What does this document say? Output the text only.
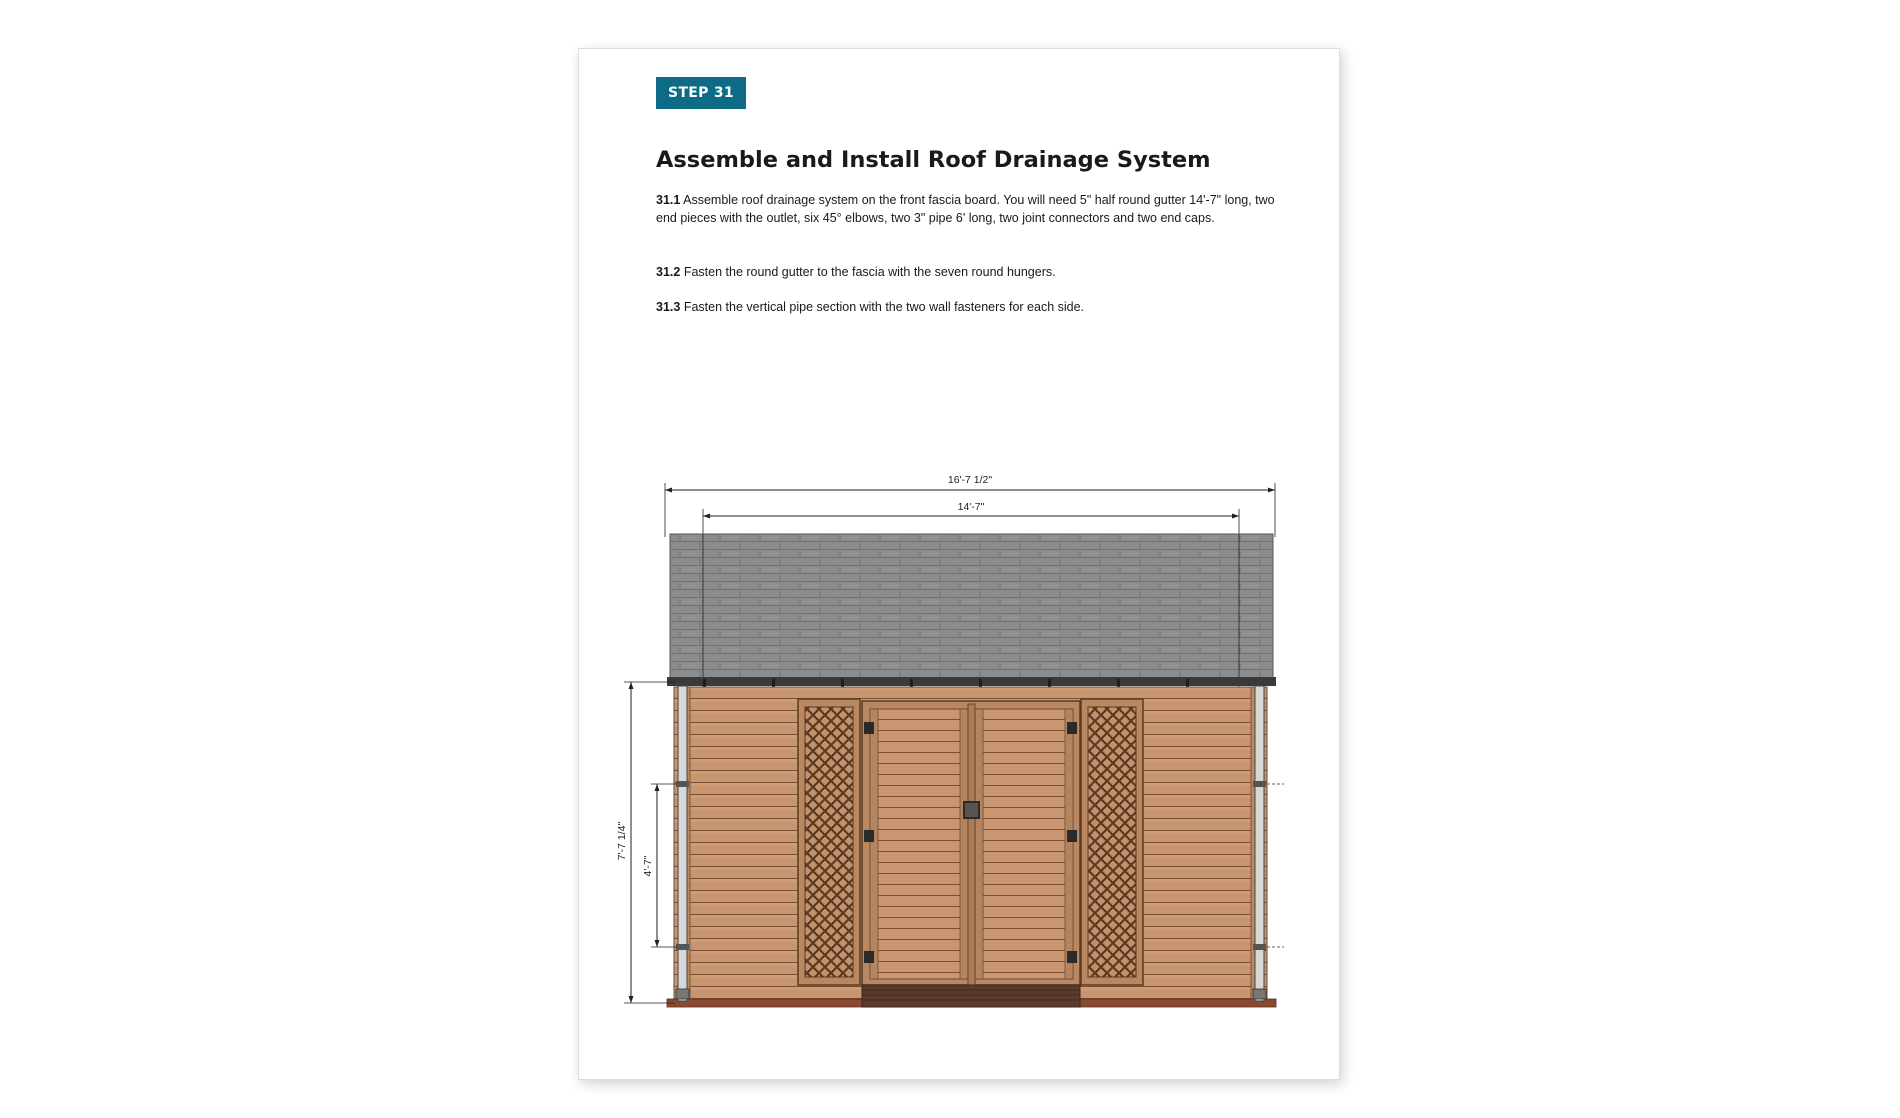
STEP 31
Assemble and Install Roof Drainage System

31.1 Assemble roof drainage system on the front fascia board. You will need 5" half round gutter 14'-7" long, two end pieces with the outlet, six 45° elbows, two 3" pipe 6' long, two joint connectors and two end caps.

31.2 Fasten the round gutter to the fascia with the seven round hungers.

31.3 Fasten the vertical pipe section with the two wall fasteners for each side.

16'-7 1/2"
14'-7"
7'-7 1/4"
4'-7"
